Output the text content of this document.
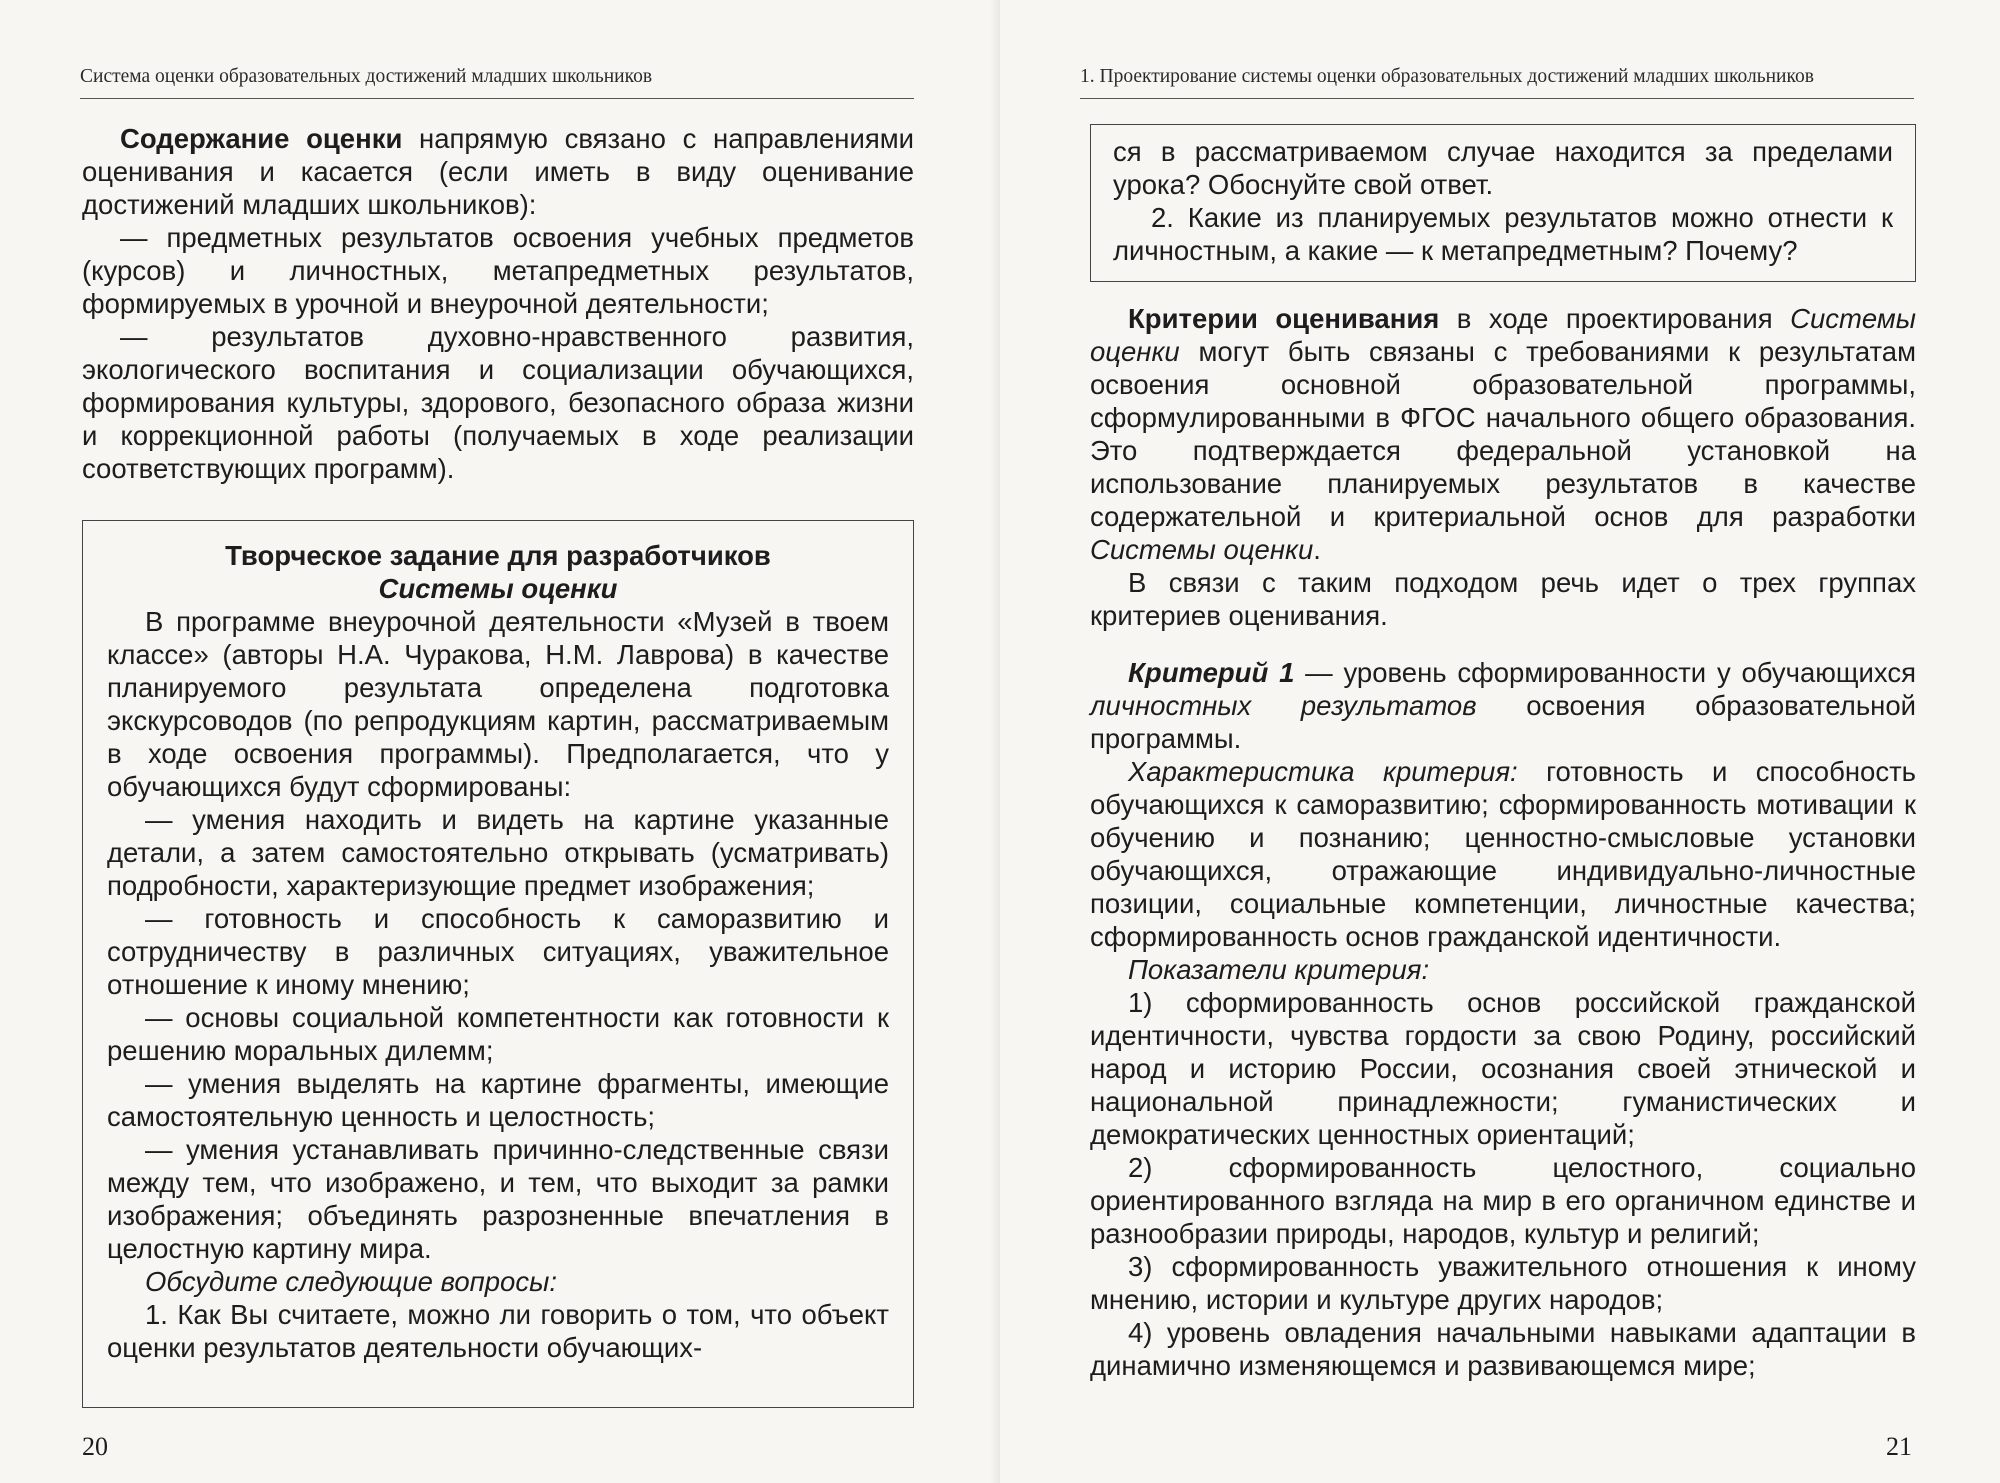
Система оценки образовательных достижений младших школьников

Содержание оценки напрямую связано с направлениями оценивания и касается (если иметь в виду оценивание достижений младших школьников):

— предметных результатов освоения учебных предметов (курсов) и личностных, метапредметных результатов, формируемых в урочной и внеурочной деятельности;

— результатов духовно-нравственного развития, экологического воспитания и социализации обучающихся, формирования культуры, здорового, безопасного образа жизни и коррекционной работы (получаемых в ходе реализации соответствующих программ).

Творческое задание для разработчиков

Системы оценки

В программе внеурочной деятельности «Музей в твоем классе» (авторы Н.А. Чуракова, Н.М. Лаврова) в качестве планируемого результата определена подготовка экскурсоводов (по репродукциям картин, рассматриваемым в ходе освоения программы). Предполагается, что у обучающихся будут сформированы:

— умения находить и видеть на картине указанные детали, а затем самостоятельно открывать (усматривать) подробности, характеризующие предмет изображения;

— готовность и способность к саморазвитию и сотрудничеству в различных ситуациях, уважительное отношение к иному мнению;

— основы социальной компетентности как готовности к решению моральных дилемм;

— умения выделять на картине фрагменты, имеющие самостоятельную ценность и целостность;

— умения устанавливать причинно-следственные связи между тем, что изображено, и тем, что выходит за рамки изображения; объединять разрозненные впечатления в целостную картину мира.

Обсудите следующие вопросы:

1. Как Вы считаете, можно ли говорить о том, что объект оценки результатов деятельности обучающих-

20
1. Проектирование системы оценки образовательных достижений младших школьников

ся в рассматриваемом случае находится за пределами урока? Обоснуйте свой ответ.

2. Какие из планируемых результатов можно отнести к личностным, а какие — к метапредметным? Почему?

Критерии оценивания в ходе проектирования Системы оценки могут быть связаны с требованиями к результатам освоения основной образовательной программы, сформулированными в ФГОС начального общего образования. Это подтверждается федеральной установкой на использование планируемых результатов в качестве содержательной и критериальной основ для разработки Системы оценки.

В связи с таким подходом речь идет о трех группах критериев оценивания.

Критерий 1 — уровень сформированности у обучающихся личностных результатов освоения образовательной программы.

Характеристика критерия: готовность и способность обучающихся к саморазвитию; сформированность мотивации к обучению и познанию; ценностно-смысловые установки обучающихся, отражающие индивидуально-личностные позиции, социальные компетенции, личностные качества; сформированность основ гражданской идентичности.

Показатели критерия:

1) сформированность основ российской гражданской идентичности, чувства гордости за свою Родину, российский народ и историю России, осознания своей этнической и национальной принадлежности; гуманистических и демократических ценностных ориентаций;

2) сформированность целостного, социально ориентированного взгляда на мир в его органичном единстве и разнообразии природы, народов, культур и религий;

3) сформированность уважительного отношения к иному мнению, истории и культуре других народов;

4) уровень овладения начальными навыками адаптации в динамично изменяющемся и развивающемся мире;

21
